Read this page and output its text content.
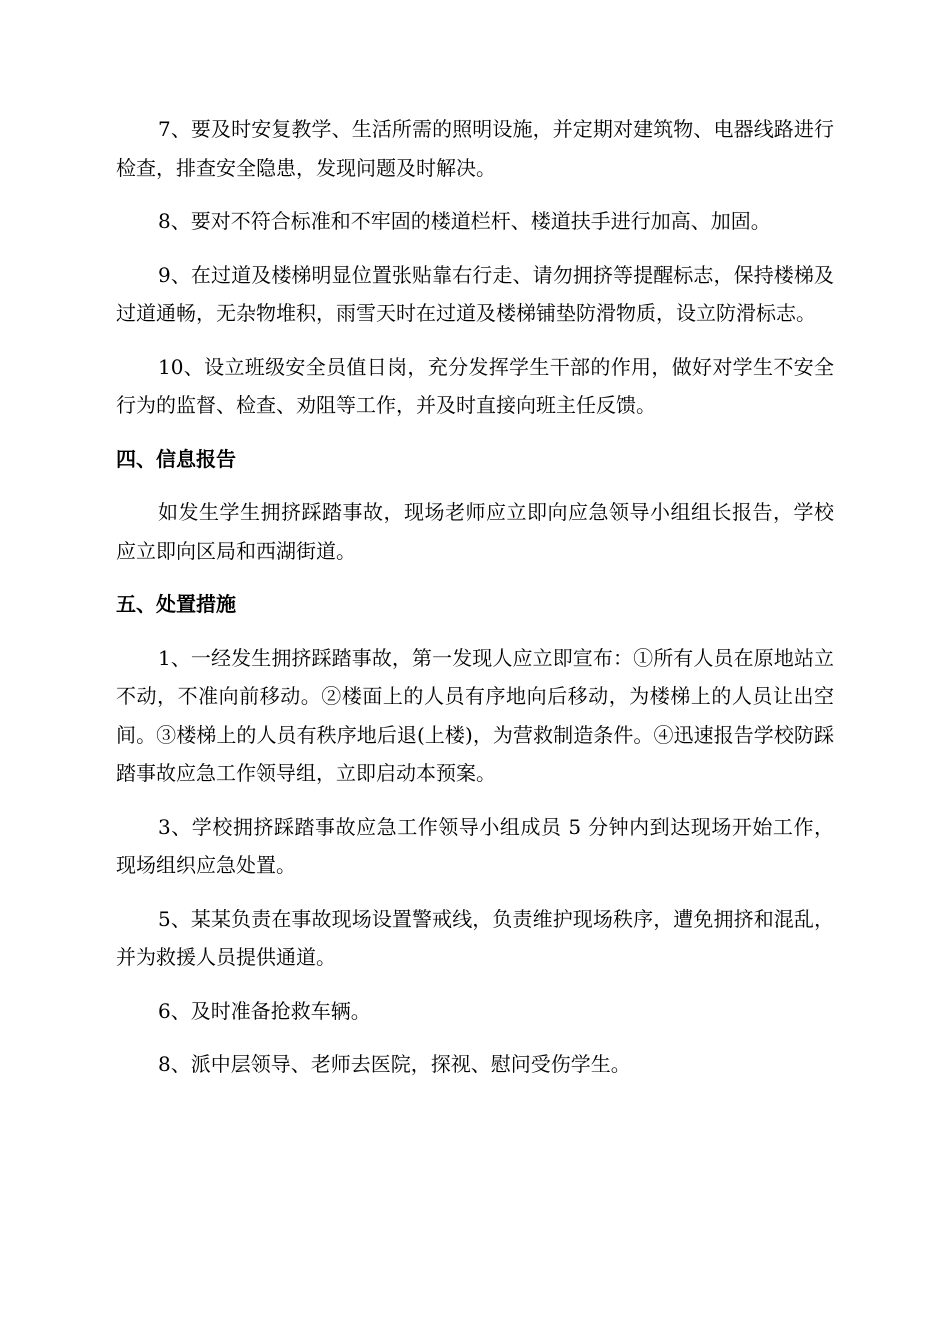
7、要及时安复教学、生活所需的照明设施，并定期对建筑物、电器线路进行检查，排查安全隐患，发现问题及时解决。

8、要对不符合标准和不牢固的楼道栏杆、楼道扶手进行加高、加固。

9、在过道及楼梯明显位置张贴靠右行走、请勿拥挤等提醒标志，保持楼梯及过道通畅，无杂物堆积，雨雪天时在过道及楼梯铺垫防滑物质，设立防滑标志。

10、设立班级安全员值日岗，充分发挥学生干部的作用，做好对学生不安全行为的监督、检查、劝阻等工作，并及时直接向班主任反馈。

四、信息报告

如发生学生拥挤踩踏事故，现场老师应立即向应急领导小组组长报告，学校应立即向区局和西湖街道。

五、处置措施

1、一经发生拥挤踩踏事故，第一发现人应立即宣布：①所有人员在原地站立不动，不准向前移动。②楼面上的人员有序地向后移动，为楼梯上的人员让出空间。③楼梯上的人员有秩序地后退(上楼)，为营救制造条件。④迅速报告学校防踩踏事故应急工作领导组，立即启动本预案。

3、学校拥挤踩踏事故应急工作领导小组成员 5 分钟内到达现场开始工作，现场组织应急处置。

5、某某负责在事故现场设置警戒线，负责维护现场秩序，遭免拥挤和混乱，并为救援人员提供通道。

6、及时准备抢救车辆。

8、派中层领导、老师去医院，探视、慰问受伤学生。
